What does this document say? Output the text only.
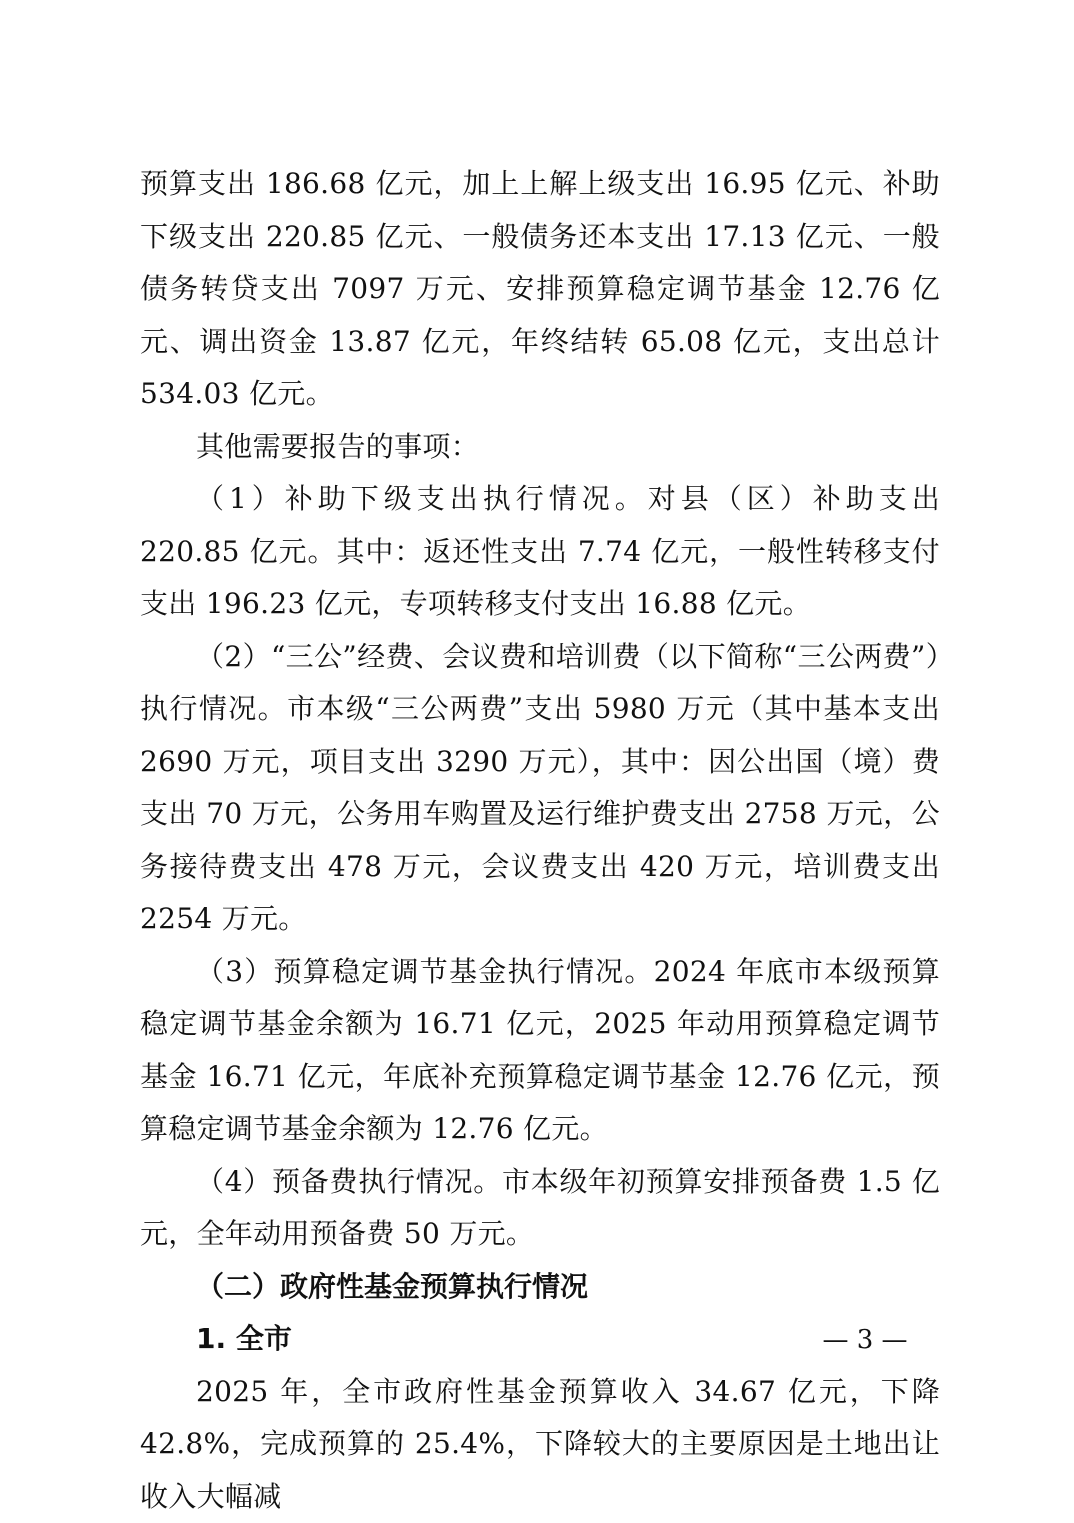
预算支出 186.68 亿元，加上上解上级支出 16.95 亿元、补助下级支出 220.85 亿元、一般债务还本支出 17.13 亿元、一般债务转贷支出 7097 万元、安排预算稳定调节基金 12.76 亿元、调出资金 13.87 亿元，年终结转 65.08 亿元，支出总计 534.03 亿元。

其他需要报告的事项：

（1）补助下级支出执行情况。对县（区）补助支出 220.85 亿元。其中：返还性支出 7.74 亿元，一般性转移支付支出 196.23 亿元，专项转移支付支出 16.88 亿元。

（2）“三公”经费、会议费和培训费（以下简称“三公两费”）执行情况。市本级“三公两费”支出 5980 万元（其中基本支出 2690 万元，项目支出 3290 万元），其中：因公出国（境）费支出 70 万元，公务用车购置及运行维护费支出 2758 万元，公务接待费支出 478 万元，会议费支出 420 万元，培训费支出 2254 万元。

（3）预算稳定调节基金执行情况。2024 年底市本级预算稳定调节基金余额为 16.71 亿元，2025 年动用预算稳定调节基金 16.71 亿元，年底补充预算稳定调节基金 12.76 亿元，预算稳定调节基金余额为 12.76 亿元。

（4）预备费执行情况。市本级年初预算安排预备费 1.5 亿元，全年动用预备费 50 万元。

（二）政府性基金预算执行情况

1. 全市

2025 年，全市政府性基金预算收入 34.67 亿元，下降 42.8%，完成预算的 25.4%，下降较大的主要原因是土地出让收入大幅减

— 3 —
